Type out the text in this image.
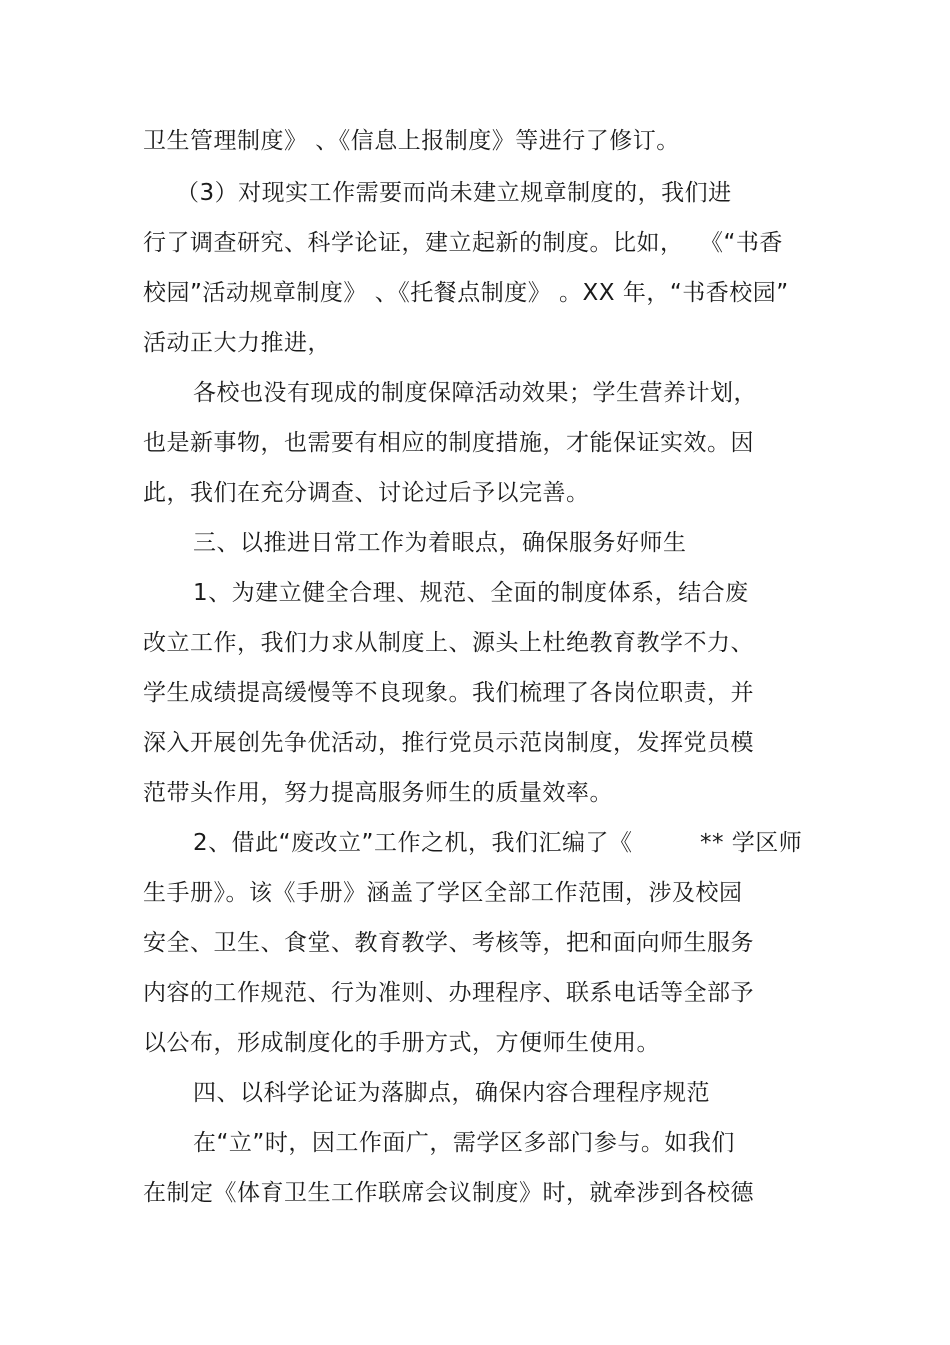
卫生管理制度》 、《信息上报制度》等进行了修订。
（3）对现实工作需要而尚未建立规章制度的，我们进
行了调查研究、科学论证，建立起新的制度。比如， 《“书香
校园”活动规章制度》 、《托餐点制度》 。XX 年，“书香校园”
活动正大力推进，
各校也没有现成的制度保障活动效果；学生营养计划，
也是新事物，也需要有相应的制度措施，才能保证实效。因
此，我们在充分调查、讨论过后予以完善。
三、以推进日常工作为着眼点，确保服务好师生
1、为建立健全合理、规范、全面的制度体系，结合废
改立工作，我们力求从制度上、源头上杜绝教育教学不力、
学生成绩提高缓慢等不良现象。我们梳理了各岗位职责，并
深入开展创先争优活动，推行党员示范岗制度，发挥党员模
范带头作用，努力提高服务师生的质量效率。
2、借此“废改立”工作之机，我们汇编了《	** 学区师
生手册》。该《手册》涵盖了学区全部工作范围，涉及校园
安全、卫生、食堂、教育教学、考核等，把和面向师生服务
内容的工作规范、行为准则、办理程序、联系电话等全部予
以公布，形成制度化的手册方式，方便师生使用。
四、以科学论证为落脚点，确保内容合理程序规范
在“立”时，因工作面广，需学区多部门参与。如我们
在制定《体育卫生工作联席会议制度》时，就牵涉到各校德
